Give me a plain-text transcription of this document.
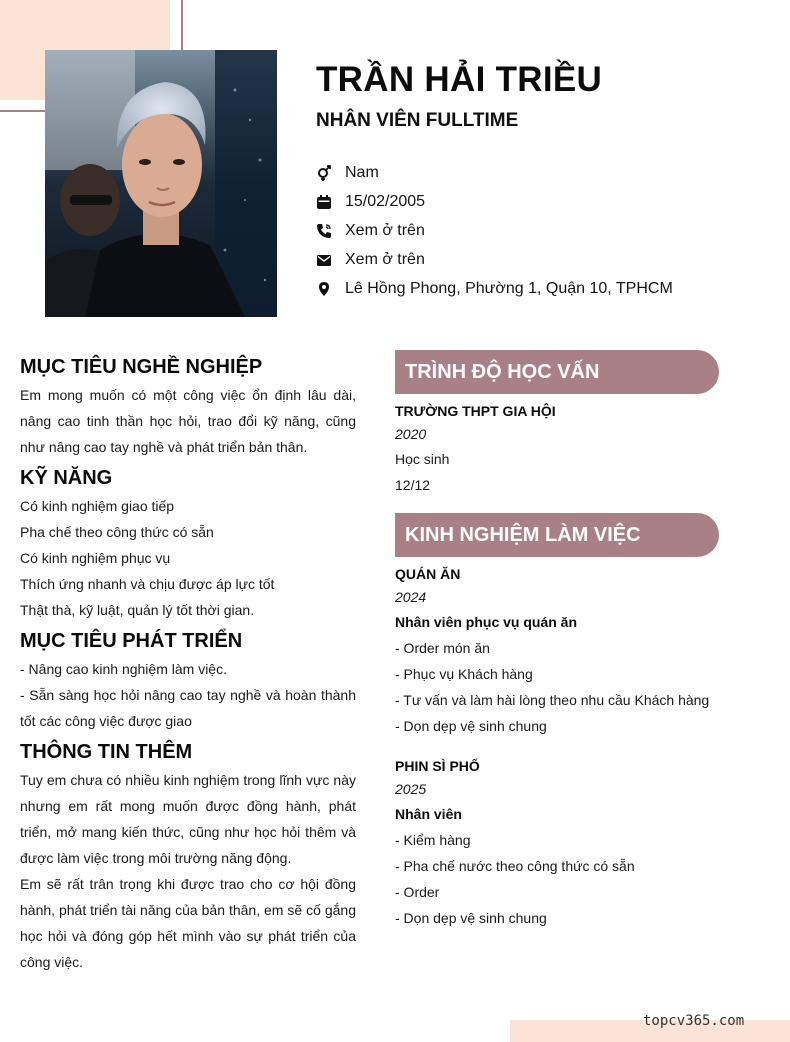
TRẦN HẢI TRIỀU
NHÂN VIÊN FULLTIME
Nam
15/02/2005
Xem ở trên
Xem ở trên
Lê Hồng Phong, Phường 1, Quận 10, TPHCM
MỤC TIÊU NGHỀ NGHIỆP

Em mong muốn có một công việc ổn định lâu dài, nâng cao tinh thần học hỏi, trao đổi kỹ năng, cũng như nâng cao tay nghề và phát triển bản thân.

KỸ NĂNG

Có kinh nghiệm giao tiếp

Pha chế theo công thức có sẵn

Có kinh nghiệm phục vụ

Thích ứng nhanh và chịu được áp lực tốt

Thật thà, kỹ luật, quản lý tốt thời gian.

MỤC TIÊU PHÁT TRIỂN

- Nâng cao kinh nghiệm làm việc.

- Sẵn sàng học hỏi nâng cao tay nghề và hoàn thành tốt các công việc được giao

THÔNG TIN THÊM

Tuy em chưa có nhiều kinh nghiệm trong lĩnh vực này nhưng em rất mong muốn được đồng hành, phát triển, mở mang kiến thức, cũng như học hỏi thêm và được làm việc trong môi trường năng động.

Em sẽ rất trân trọng khi được trao cho cơ hội đồng hành, phát triển tài năng của bản thân, em sẽ cố gắng học hỏi và đóng góp hết mình vào sự phát triển của công việc.

TRÌNH ĐỘ HỌC VẤN

TRƯỜNG THPT GIA HỘI

2020

Học sinh

12/12

KINH NGHIỆM LÀM VIỆC

QUÁN ĂN

2024

Nhân viên phục vụ quán ăn

- Order món ăn

- Phục vụ Khách hàng

- Tư vấn và làm hài lòng theo nhu cầu Khách hàng

- Dọn dẹp vệ sinh chung

PHIN SÌ PHỐ

2025

Nhân viên

- Kiểm hàng

- Pha chế nước theo công thức có sẵn

- Order

- Dọn dẹp vệ sinh chung

topcv365.com
